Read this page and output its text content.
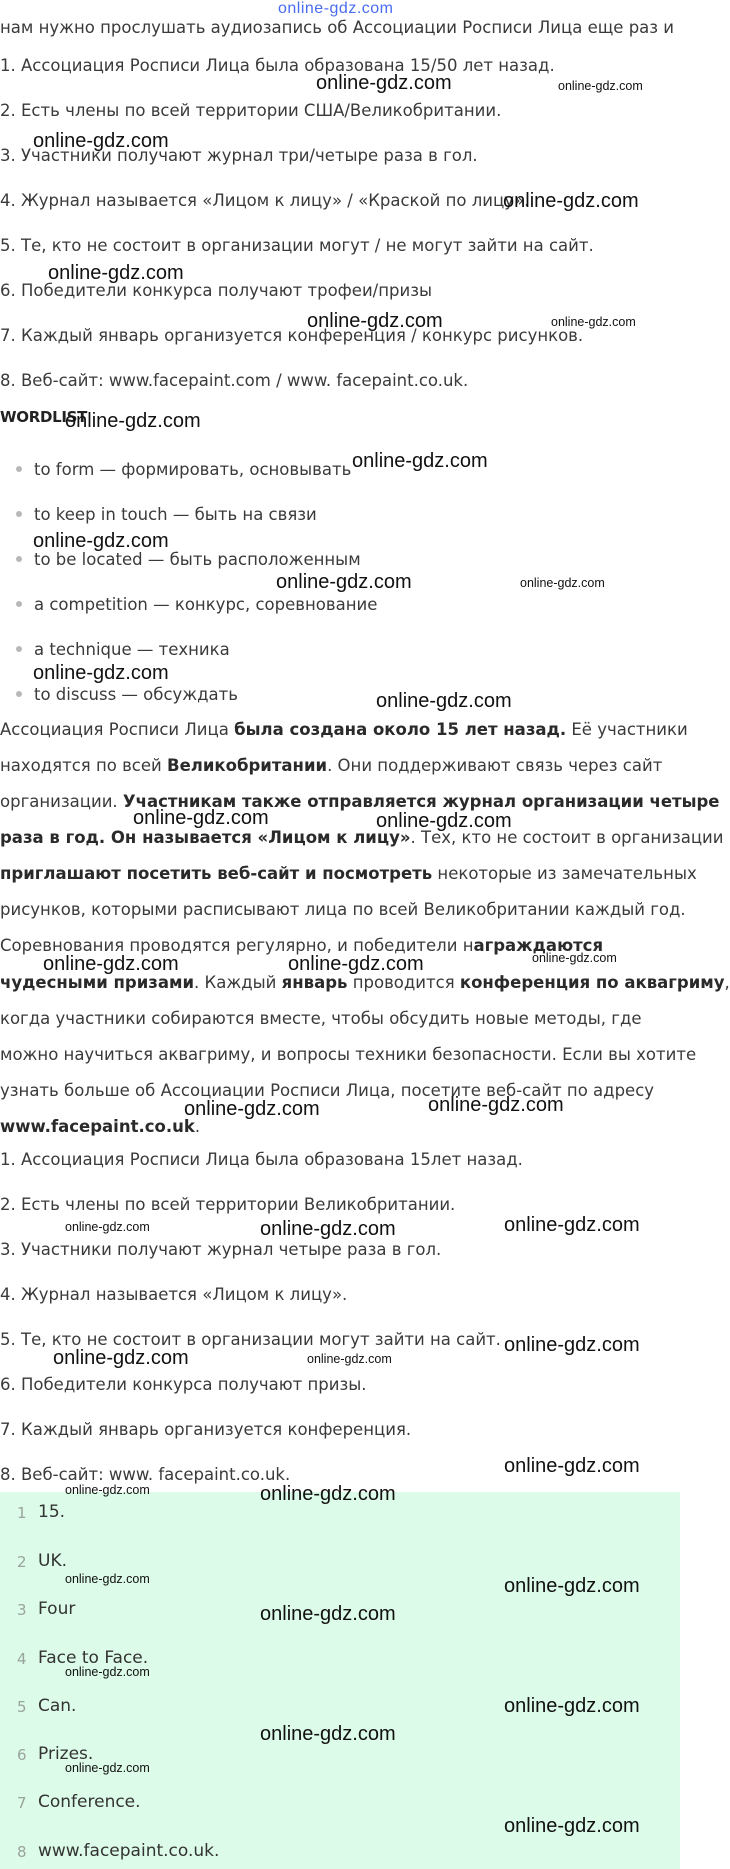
online-gdz.com
нам нужно прослушать аудиозапись об Ассоциации Росписи Лица еще раз и
1. Ассоциация Росписи Лица была образована 15/50 лет назад.
2. Есть члены по всей территории США/Великобритании.
3. Участники получают журнал три/четыре раза в гол.
4. Журнал называется «Лицом к лицу» / «Краской по лицу».
5. Те, кто не состоит в организации могут / не могут зайти на сайт.
6. Победители конкурса получают трофеи/призы
7. Каждый январь организуется конференция / конкурс рисунков.
8. Веб-сайт: www.facepaint.com / www. facepaint.co.uk.
WORDLIST
to form — формировать, основывать
to keep in touch — быть на связи
to be located — быть расположенным
a competition — конкурс, соревнование
a technique — техника
to discuss — обсуждать
Ассоциация Росписи Лица была создана около 15 лет назад. Её участники
находятся по всей Великобритании. Они поддерживают связь через сайт
организации. Участникам также отправляется журнал организации четыре
раза в год. Он называется «Лицом к лицу». Тех, кто не состоит в организации
приглашают посетить веб-сайт и посмотреть некоторые из замечательных
рисунков, которыми расписывают лица по всей Великобритании каждый год.
Соревнования проводятся регулярно, и победители награждаются
чудесными призами. Каждый январь проводится конференция по аквагриму,
когда участники собираются вместе, чтобы обсудить новые методы, где
можно научиться аквагриму, и вопросы техники безопасности. Если вы хотите
узнать больше об Ассоциации Росписи Лица, посетите веб-сайт по адресу
www.facepaint.co.uk.
1. Ассоциация Росписи Лица была образована 15лет назад.
2. Есть члены по всей территории Великобритании.
3. Участники получают журнал четыре раза в гол.
4. Журнал называется «Лицом к лицу».
5. Те, кто не состоит в организации могут зайти на сайт.
6. Победители конкурса получают призы.
7. Каждый январь организуется конференция.
8. Веб-сайт: www. facepaint.co.uk.
1 15.
2 UK.
3 Four
4 Face to Face.
5 Can.
6 Prizes.
7 Conference.
8 www.facepaint.co.uk.
online-gdz.com	online-gdz.com
online-gdz.com
online-gdz.com
online-gdz.com
online-gdz.com	online-gdz.com
online-gdz.com
online-gdz.com
online-gdz.com
online-gdz.com	online-gdz.com
online-gdz.com
online-gdz.com
online-gdz.com	online-gdz.com
online-gdz.com	online-gdz.com	online-gdz.com
online-gdz.com	online-gdz.com
online-gdz.com	online-gdz.com	online-gdz.com
online-gdz.com	online-gdz.com
online-gdz.com
online-gdz.com
online-gdz.com	online-gdz.com
online-gdz.com	online-gdz.com
online-gdz.com
online-gdz.com
online-gdz.com
online-gdz.com
online-gdz.com
online-gdz.com
